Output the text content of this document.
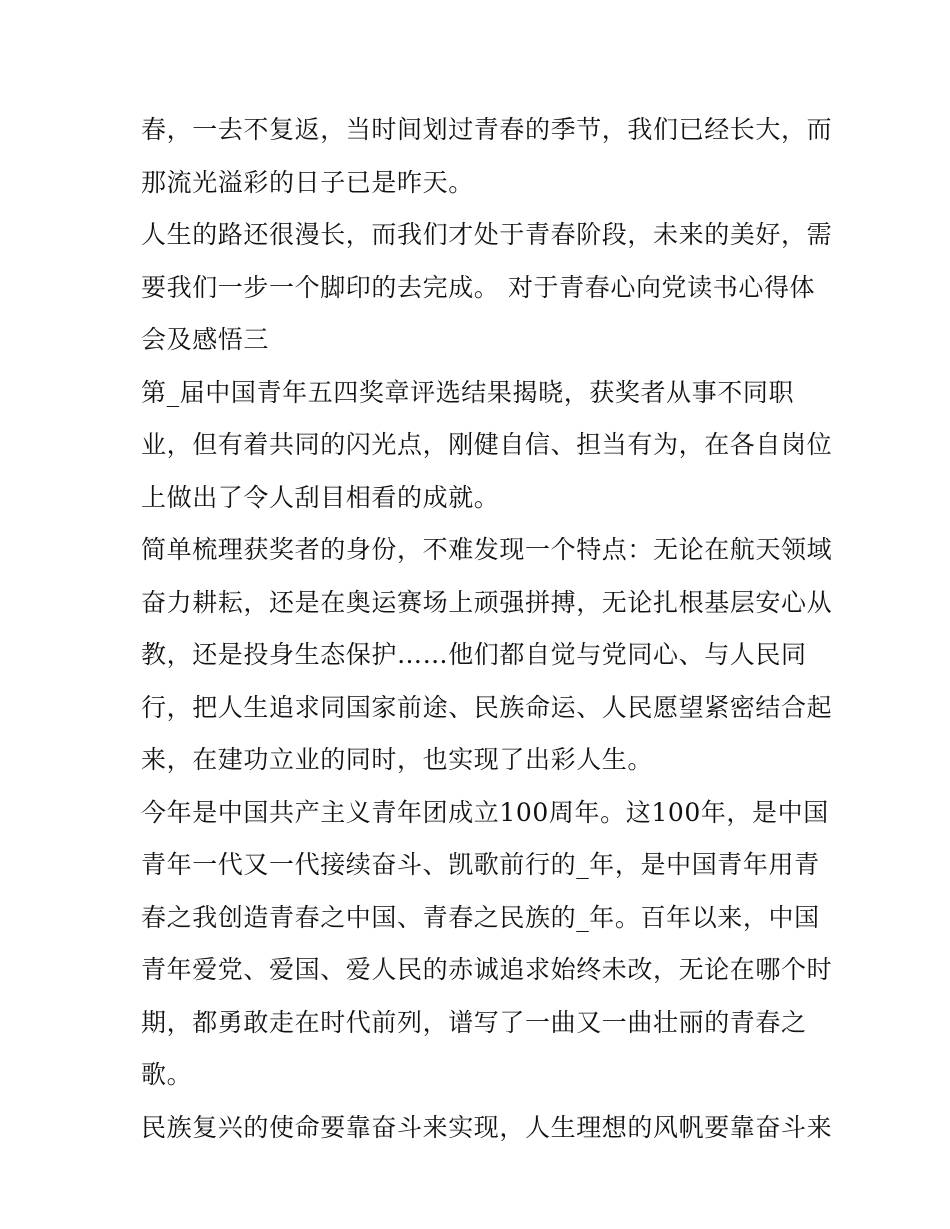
春，一去不复返，当时间划过青春的季节，我们已经长大，而
那流光溢彩的日子已是昨天。
人生的路还很漫长，而我们才处于青春阶段，未来的美好，需
要我们一步一个脚印的去完成。 对于青春心向党读书心得体
会及感悟三
第_届中国青年五四奖章评选结果揭晓，获奖者从事不同职
业，但有着共同的闪光点，刚健自信、担当有为，在各自岗位
上做出了令人刮目相看的成就。
简单梳理获奖者的身份，不难发现一个特点：无论在航天领域
奋力耕耘，还是在奥运赛场上顽强拼搏，无论扎根基层安心从
教，还是投身生态保护……他们都自觉与党同心、与人民同
行，把人生追求同国家前途、民族命运、人民愿望紧密结合起
来，在建功立业的同时，也实现了出彩人生。
今年是中国共产主义青年团成立100周年。这100年，是中国
青年一代又一代接续奋斗、凯歌前行的_年，是中国青年用青
春之我创造青春之中国、青春之民族的_年。百年以来，中国
青年爱党、爱国、爱人民的赤诚追求始终未改，无论在哪个时
期，都勇敢走在时代前列，谱写了一曲又一曲壮丽的青春之
歌。
民族复兴的使命要靠奋斗来实现，人生理想的风帆要靠奋斗来
